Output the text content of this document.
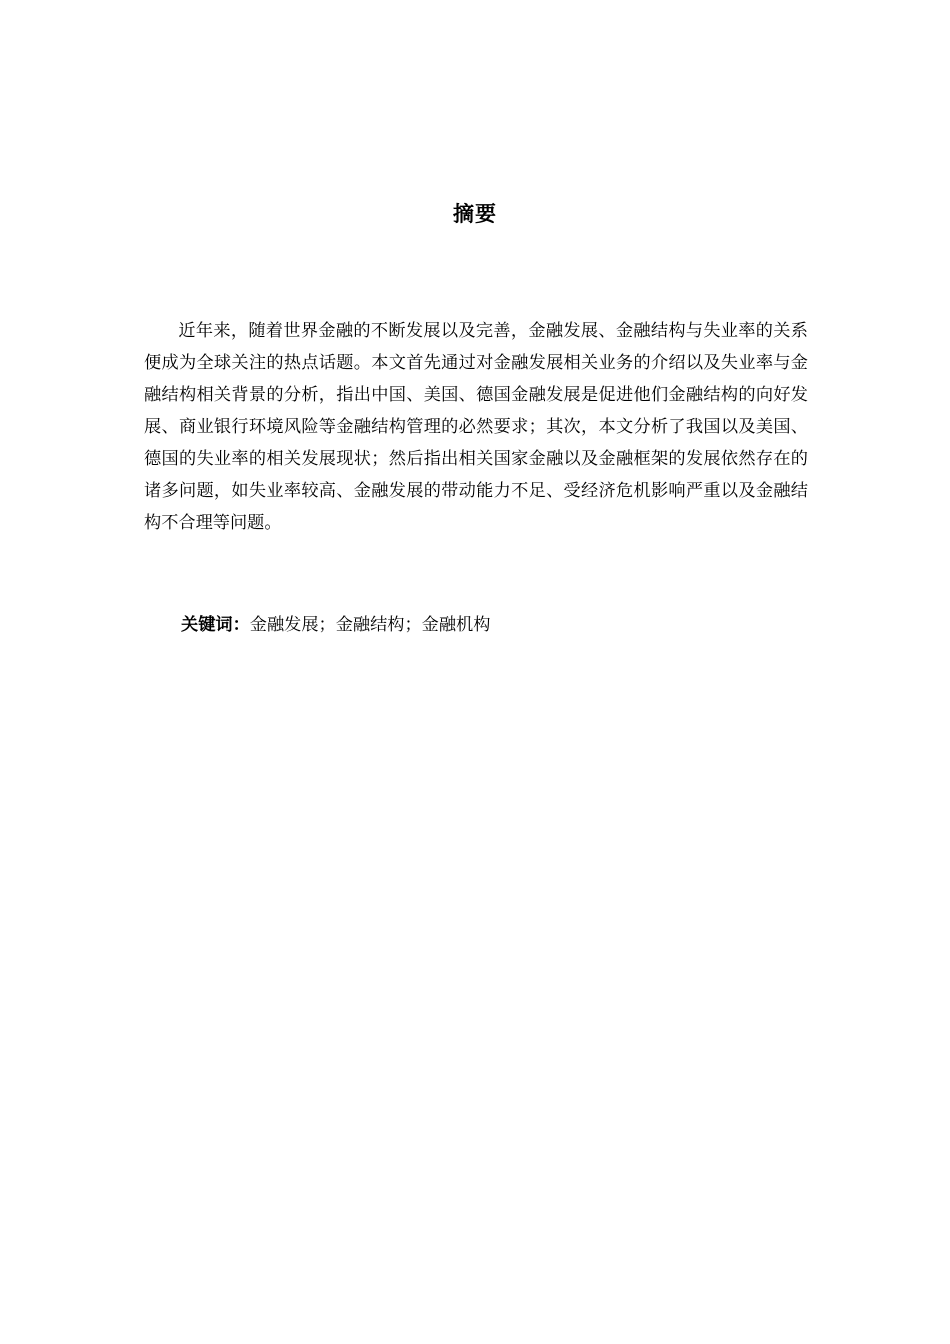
摘要

近年来，随着世界金融的不断发展以及完善，金融发展、金融结构与失业率的关系便成为全球关注的热点话题。本文首先通过对金融发展相关业务的介绍以及失业率与金融结构相关背景的分析，指出中国、美国、德国金融发展是促进他们金融结构的向好发展、商业银行环境风险等金融结构管理的必然要求；其次，本文分析了我国以及美国、德国的失业率的相关发展现状；然后指出相关国家金融以及金融框架的发展依然存在的诸多问题，如失业率较高、金融发展的带动能力不足、受经济危机影响严重以及金融结构不合理等问题。

关键词：金融发展；金融结构；金融机构
